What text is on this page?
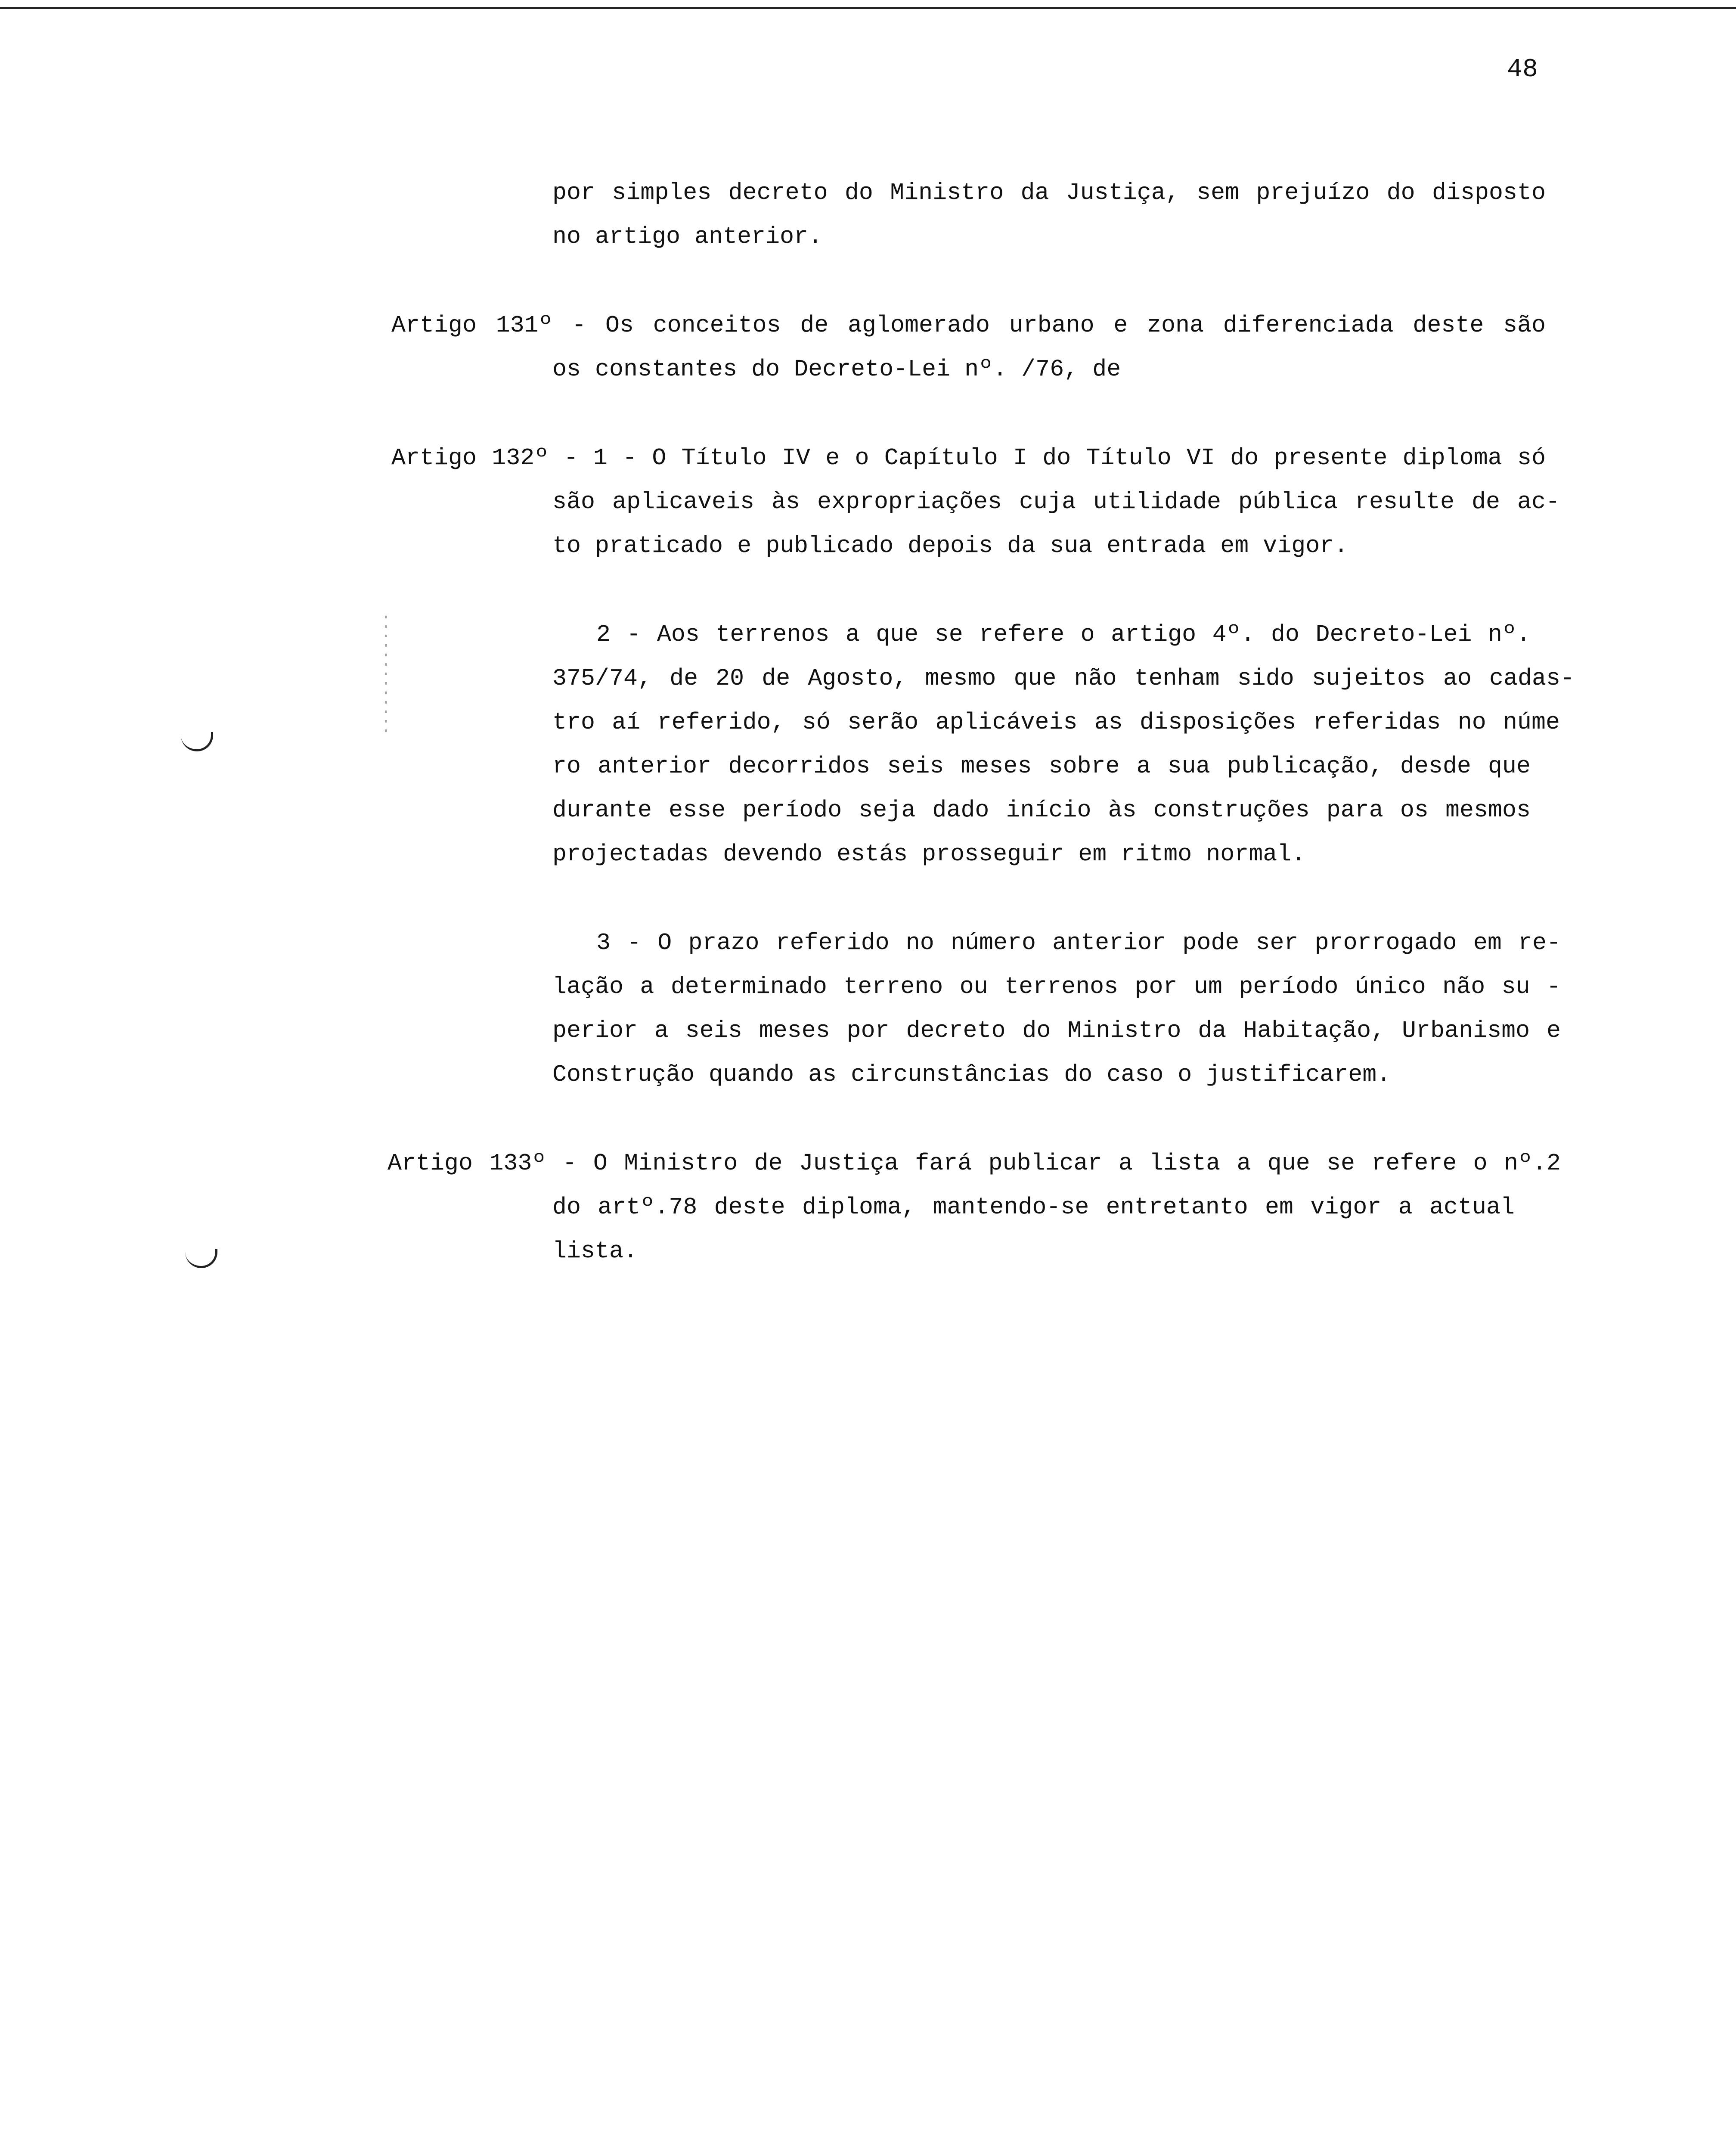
48
por simples decreto do Ministro da Justiça, sem prejuízo do disposto
no artigo anterior.
Artigo 131º - Os conceitos de aglomerado urbano e zona diferenciada deste são
os constantes do Decreto-Lei nº. /76, de
Artigo 132º - 1 - O Título IV e o Capítulo I do Título VI do presente diploma só
são aplicaveis às expropriações cuja utilidade pública resulte de ac-
to praticado e publicado depois da sua entrada em vigor.
2 - Aos terrenos a que se refere o artigo 4º. do Decreto-Lei nº.
375/74, de 20 de Agosto, mesmo que não tenham sido sujeitos ao cadas-
tro aí referido, só serão aplicáveis as disposições referidas no núme
ro anterior decorridos seis meses sobre a sua publicação, desde que
durante esse período seja dado início às construções para os mesmos
projectadas devendo estás prosseguir em ritmo normal.
3 - O prazo referido no número anterior pode ser prorrogado em re-
lação a determinado terreno ou terrenos por um período único não su -
perior a seis meses por decreto do Ministro da Habitação, Urbanismo e
Construção quando as circunstâncias do caso o justificarem.
Artigo 133º - O Ministro de Justiça fará publicar a lista a que se refere o nº.2
do artº.78 deste diploma, mantendo-se entretanto em vigor a actual
lista.
